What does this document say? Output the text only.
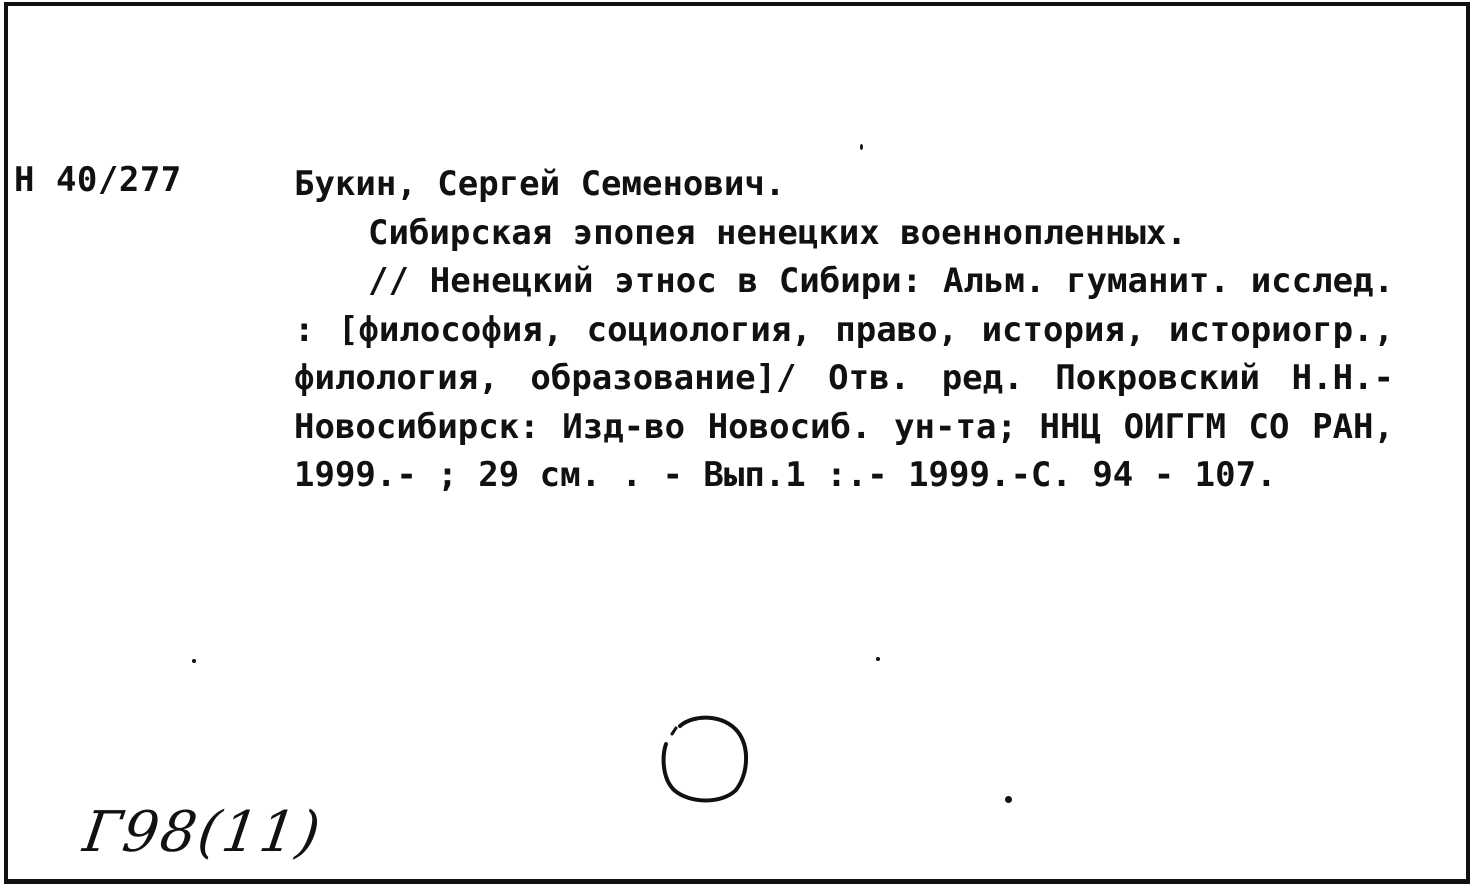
Н 40/277	Букин, Сергей Семенович.
Сибирская эпопея ненецких военнопленных.
// Ненецкий этнос в Сибири: Альм. гуманит. исслед. : [философия, социология, право, история, историогр., филология, образование]/ Отв. ред. Покровский Н.Н.- Новосибирск: Изд-во Новосиб. ун-та; ННЦ ОИГГМ СО РАН, 1999.- ; 29 см. . - Вып.1 :.- 1999.-С. 94 - 107.
Г98(11)
